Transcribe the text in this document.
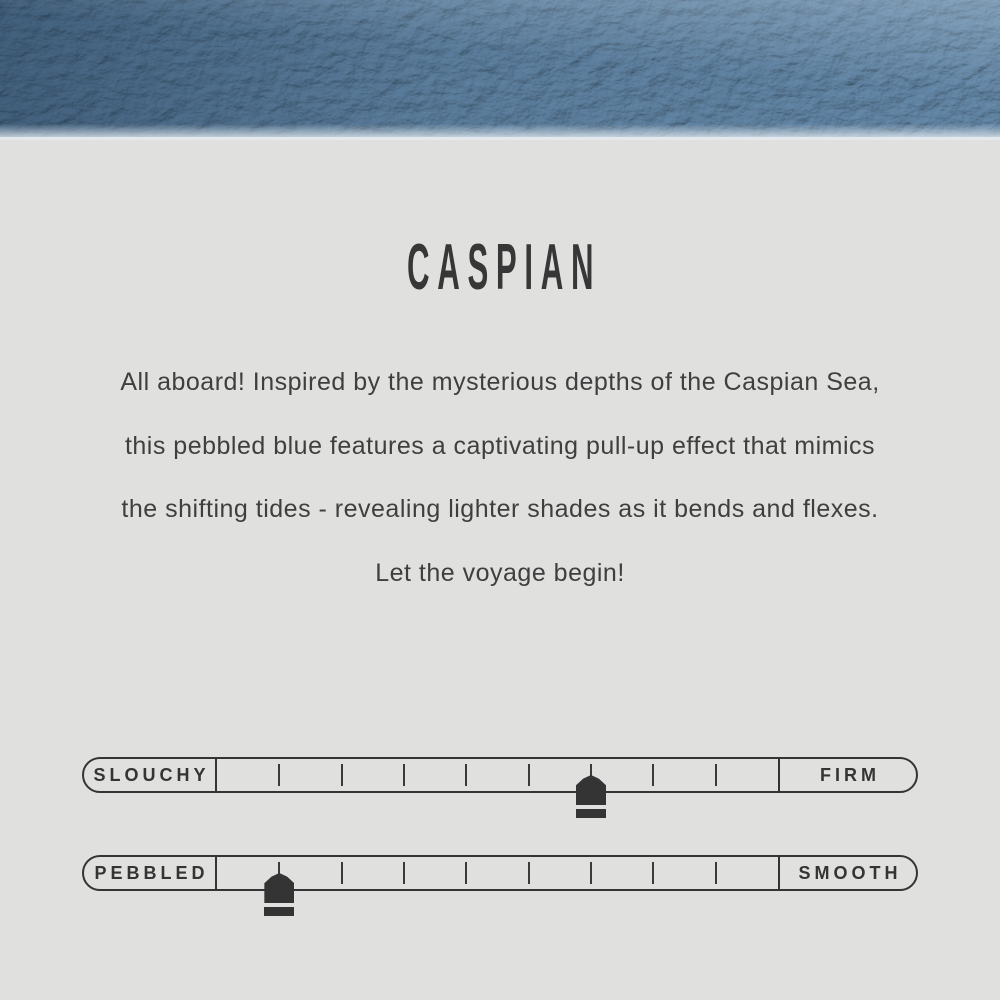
CASPIAN
All aboard! Inspired by the mysterious depths of the Caspian Sea,
this pebbled blue features a captivating pull-up effect that mimics
the shifting tides - revealing lighter shades as it bends and flexes.
Let the voyage begin!
SLOUCHY	FIRM
PEBBLED	SMOOTH
